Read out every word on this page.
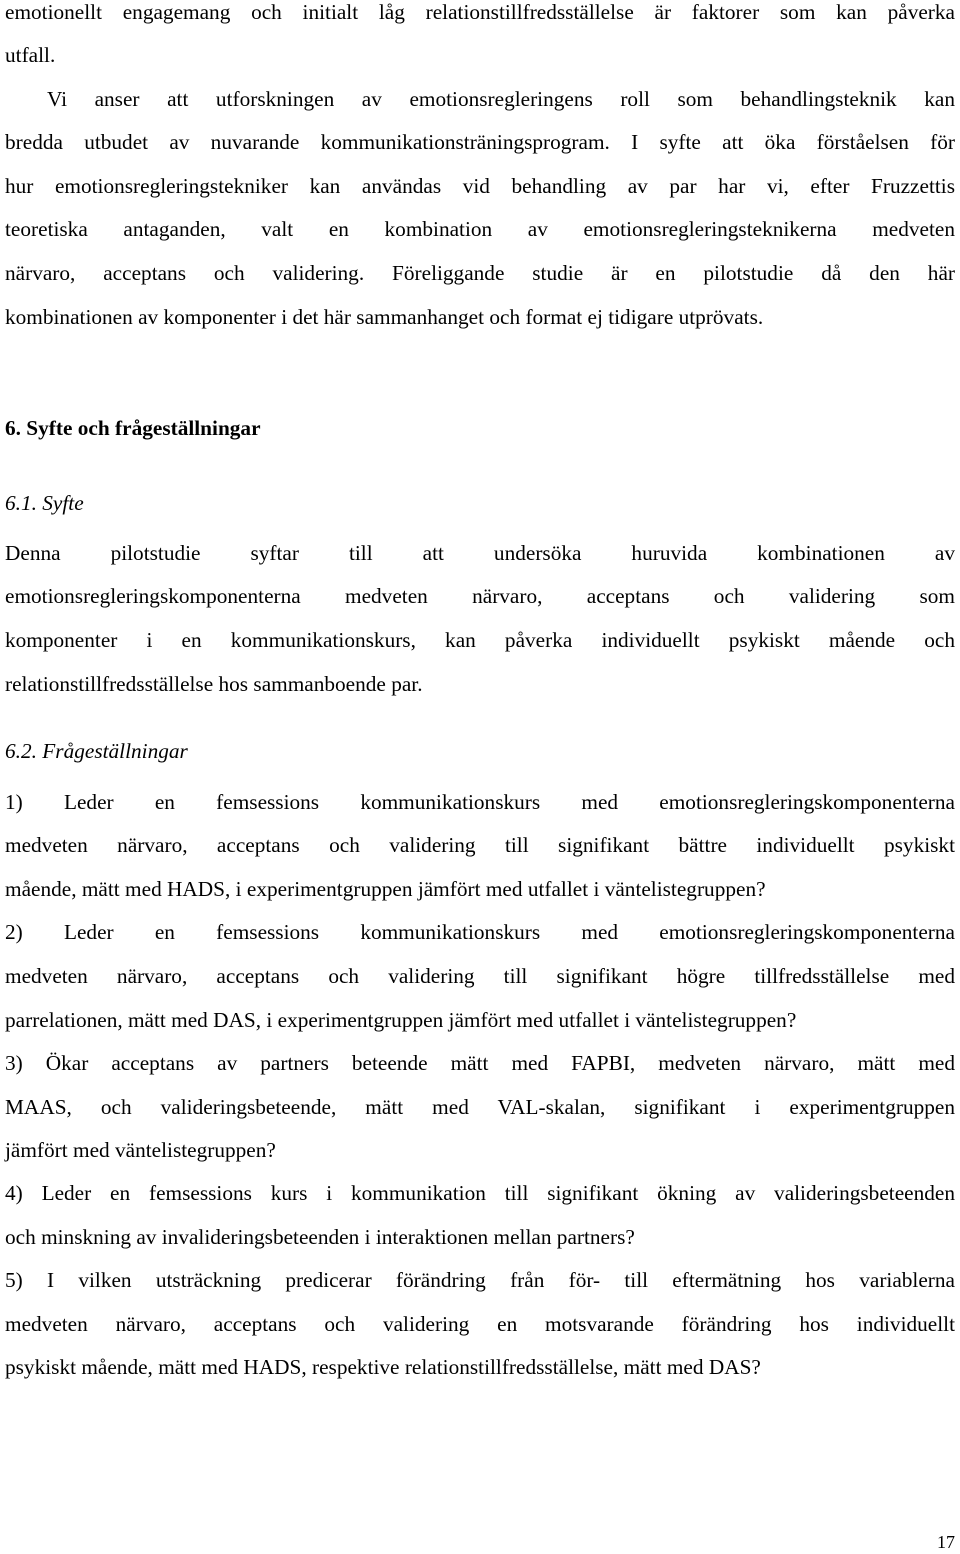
emotionellt engagemang och initialt låg relationstillfredsställelse är faktorer som kan påverka
utfall.
Vi anser att utforskningen av emotionsregleringens roll som behandlingsteknik kan
bredda utbudet av nuvarande kommunikationsträningsprogram. I syfte att öka förståelsen för
hur emotionsregleringstekniker kan användas vid behandling av par har vi, efter Fruzzettis
teoretiska antaganden, valt en kombination av emotionsregleringsteknikerna medveten
närvaro, acceptans och validering. Föreliggande studie är en pilotstudie då den här
kombinationen av komponenter i det här sammanhanget och format ej tidigare utprövats.
6. Syfte och frågeställningar
6.1. Syfte
Denna pilotstudie syftar till att undersöka huruvida kombinationen av
emotionsregleringskomponenterna medveten närvaro, acceptans och validering som
komponenter i en kommunikationskurs, kan påverka individuellt psykiskt mående och
relationstillfredsställelse hos sammanboende par.
6.2. Frågeställningar
1) Leder en femsessions kommunikationskurs med emotionsregleringskomponenterna
medveten närvaro, acceptans och validering till signifikant bättre individuellt psykiskt
mående, mätt med HADS, i experimentgruppen jämfört med utfallet i väntelistegruppen?
2) Leder en femsessions kommunikationskurs med emotionsregleringskomponenterna
medveten närvaro, acceptans och validering till signifikant högre tillfredsställelse med
parrelationen, mätt med DAS, i experimentgruppen jämfört med utfallet i väntelistegruppen?
3) Ökar acceptans av partners beteende mätt med FAPBI, medveten närvaro, mätt med
MAAS, och valideringsbeteende, mätt med VAL-skalan, signifikant i experimentgruppen
jämfört med väntelistegruppen?
4) Leder en femsessions kurs i kommunikation till signifikant ökning av valideringsbeteenden
och minskning av invalideringsbeteenden i interaktionen mellan partners?
5) I vilken utsträckning predicerar förändring från för- till eftermätning hos variablerna
medveten närvaro, acceptans och validering en motsvarande förändring hos individuellt
psykiskt mående, mätt med HADS, respektive relationstillfredsställelse, mätt med DAS?
17
